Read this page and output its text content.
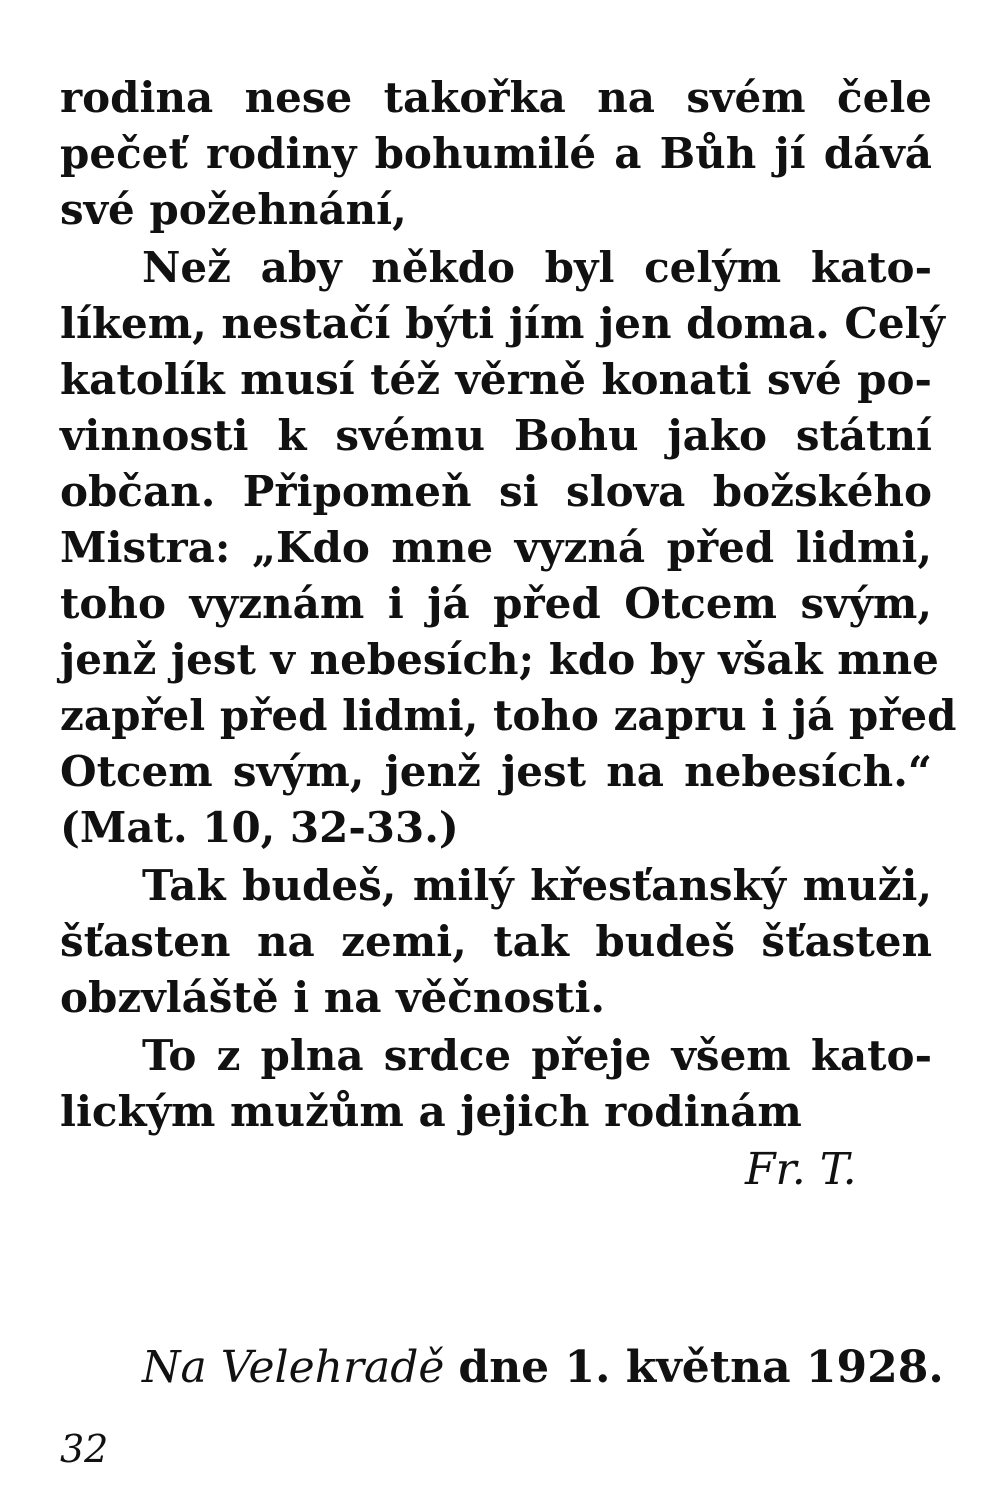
rodina nese takořka na svém čele
pečeť rodiny bohumilé a Bůh jí dává
své požehnání,
Než aby někdo byl celým kato-
líkem, nestačí býti jím jen doma. Celý
katolík musí též věrně konati své po-
vinnosti k svému Bohu jako státní
občan. Připomeň si slova božského
Mistra: „Kdo mne vyzná před lidmi,
toho vyznám i já před Otcem svým,
jenž jest v nebesích; kdo by však mne
zapřel před lidmi, toho zapru i já před
Otcem svým, jenž jest na nebesích.“
(Mat. 10, 32-33.)
Tak budeš, milý křesťanský muži,
šťasten na zemi, tak budeš šťasten
obzvláště i na věčnosti.
To z plna srdce přeje všem kato-
lickým mužům a jejich rodinám
Fr. T.
Na Velehradě dne 1. května 1928.
32
